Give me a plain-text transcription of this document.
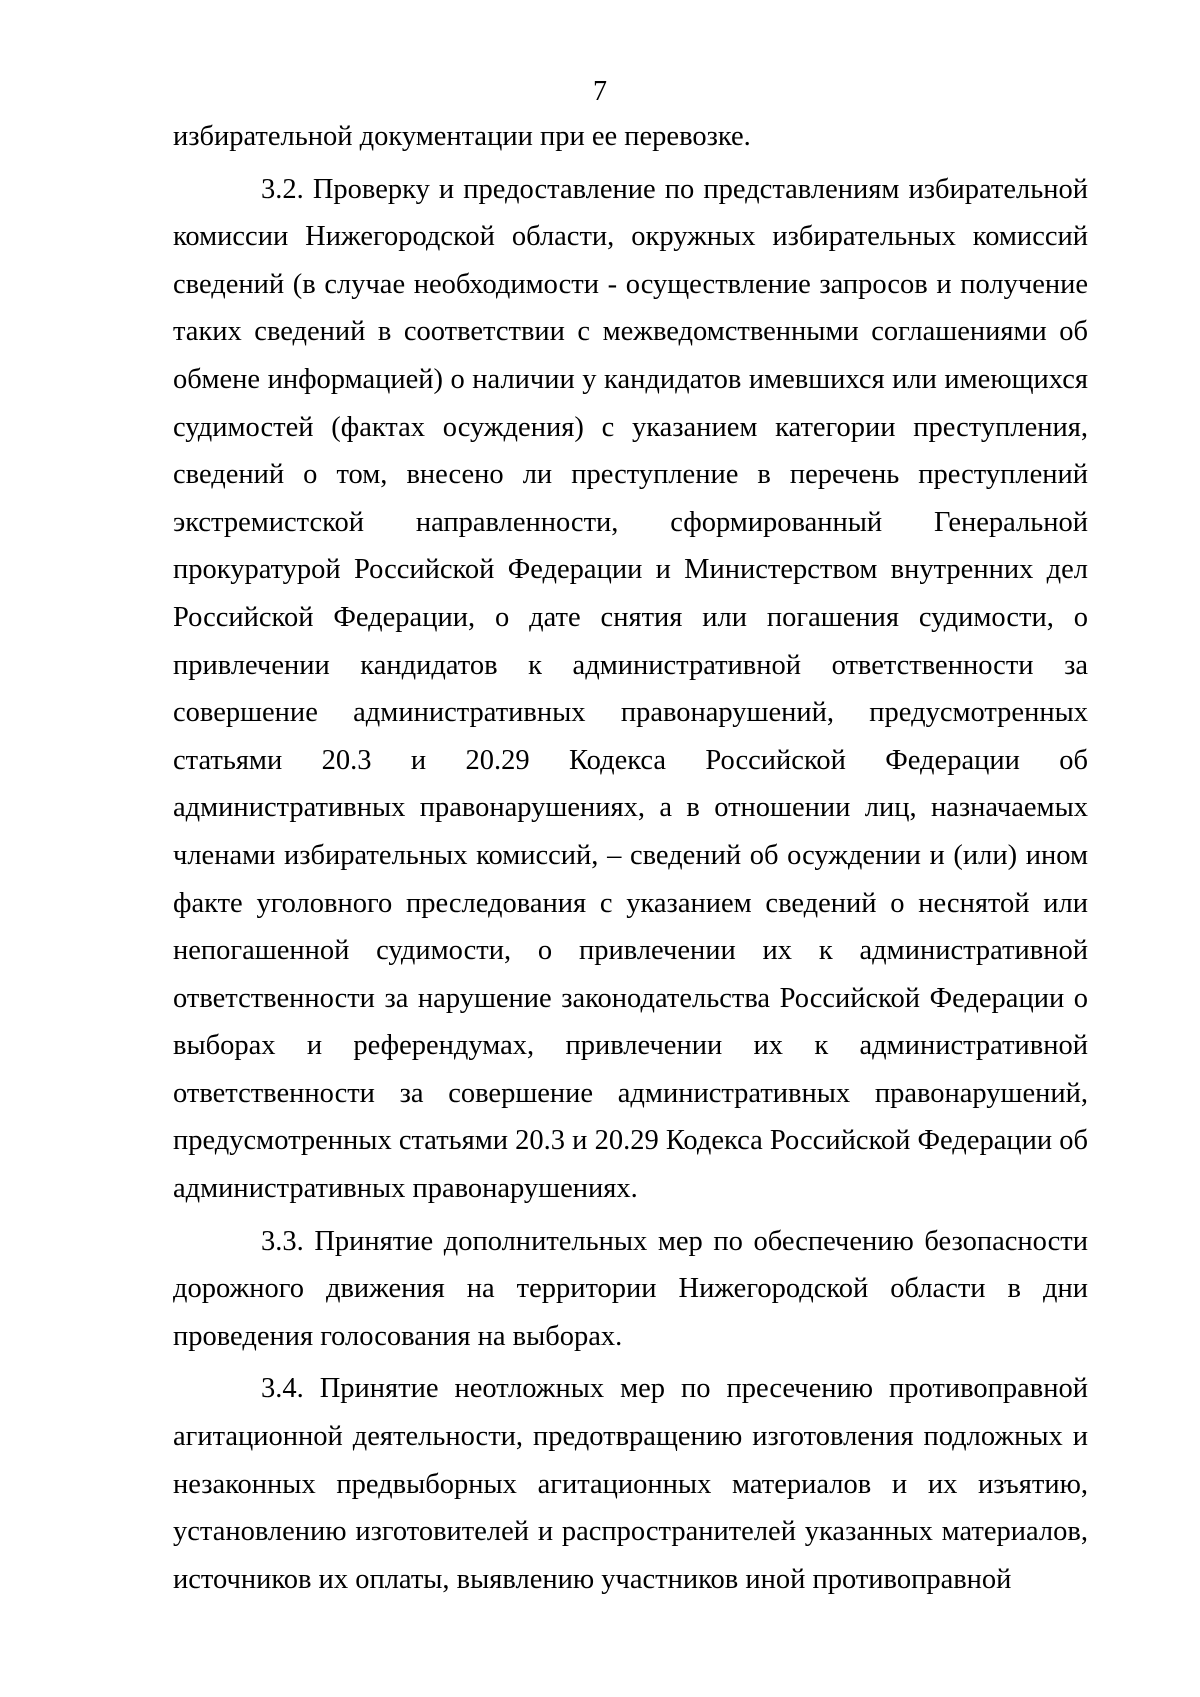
7

избирательной документации при ее перевозке.

3.2. Проверку и предоставление по представлениям избирательной комиссии Нижегородской области, окружных избирательных комиссий сведений (в случае необходимости - осуществление запросов и получение таких сведений в соответствии с межведомственными соглашениями об обмене информацией) о наличии у кандидатов имевшихся или имеющихся судимостей (фактах осуждения) с указанием категории преступления, сведений о том, внесено ли преступление в перечень преступлений экстремистской направленности, сформированный Генеральной прокуратурой Российской Федерации и Министерством внутренних дел Российской Федерации, о дате снятия или погашения судимости, о привлечении кандидатов к административной ответственности за совершение административных правонарушений, предусмотренных статьями 20.3 и 20.29 Кодекса Российской Федерации об административных правонарушениях, а в отношении лиц, назначаемых членами избирательных комиссий, – сведений об осуждении и (или) ином факте уголовного преследования с указанием сведений о неснятой или непогашенной судимости, о привлечении их к административной ответственности за нарушение законодательства Российской Федерации о выборах и референдумах, привлечении их к административной ответственности за совершение административных правонарушений, предусмотренных статьями 20.3 и 20.29 Кодекса Российской Федерации об административных правонарушениях.

3.3. Принятие дополнительных мер по обеспечению безопасности дорожного движения на территории Нижегородской области в дни проведения голосования на выборах.

3.4. Принятие неотложных мер по пресечению противоправной агитационной деятельности, предотвращению изготовления подложных и незаконных предвыборных агитационных материалов и их изъятию, установлению изготовителей и распространителей указанных материалов, источников их оплаты, выявлению участников иной противоправной
